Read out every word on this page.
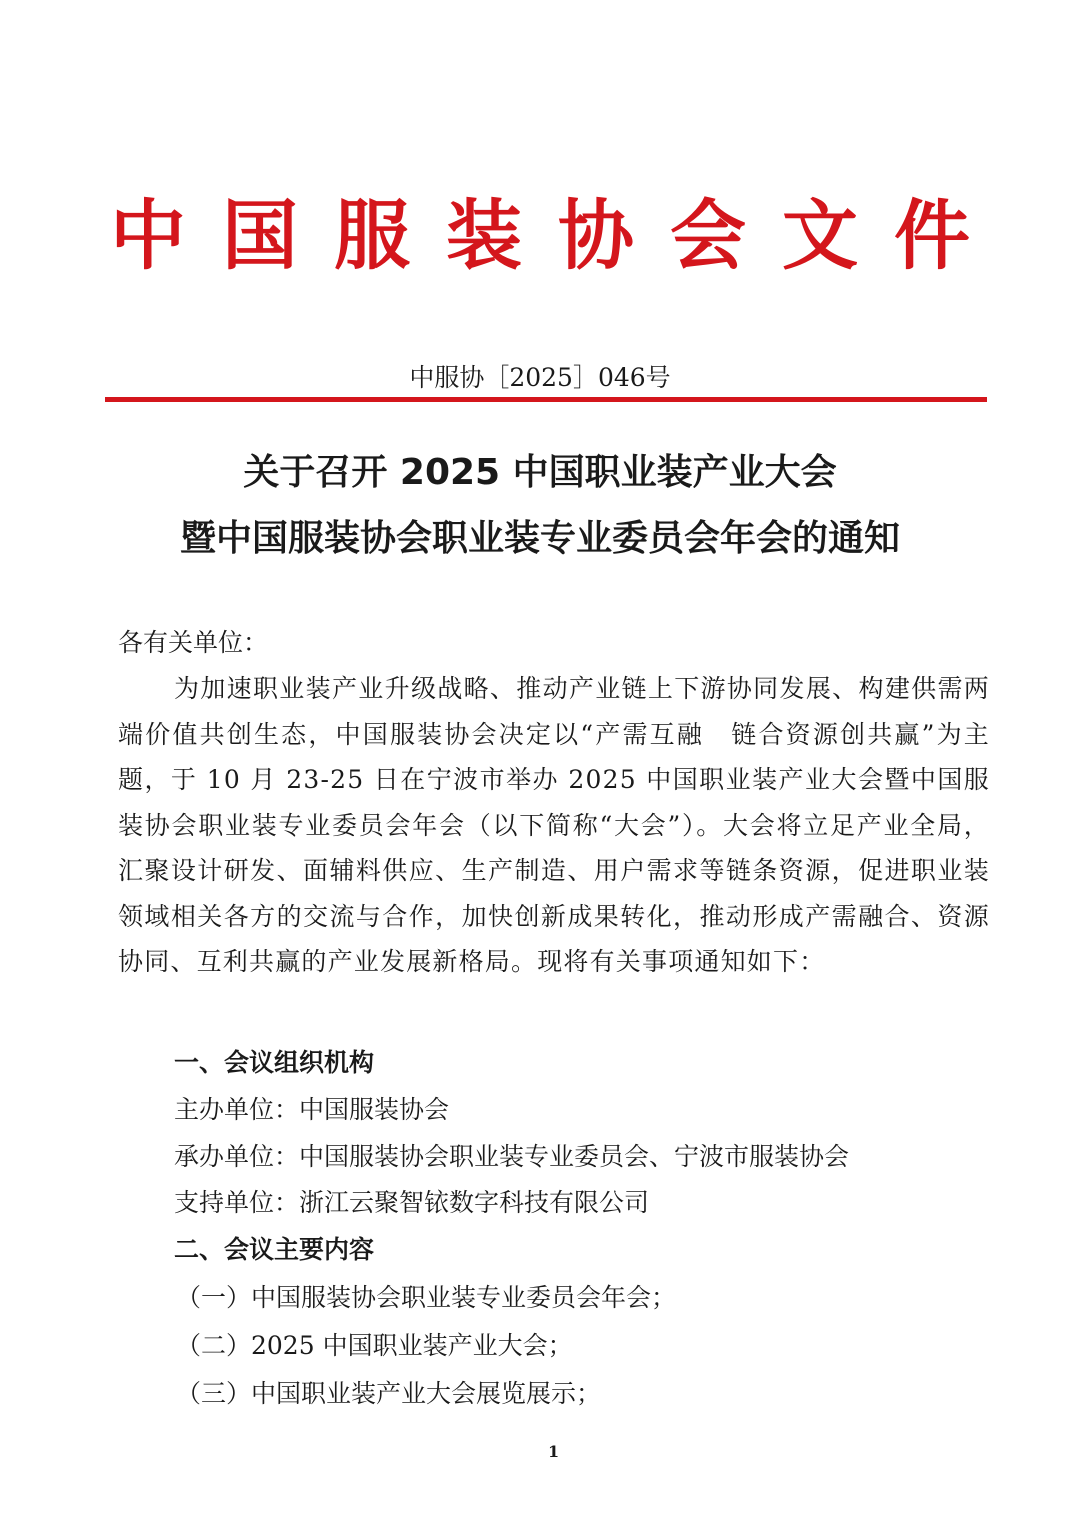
中国服装协会文件
中服协［2025］046号
关于召开 2025 中国职业装产业大会
暨中国服装协会职业装专业委员会年会的通知
各有关单位：
为加速职业装产业升级战略、推动产业链上下游协同发展、构建供需两端价值共创生态，中国服装协会决定以“产需互融　链合资源创共赢”为主题，于 10 月 23-25 日在宁波市举办 2025 中国职业装产业大会暨中国服装协会职业装专业委员会年会（以下简称“大会”）。大会将立足产业全局，汇聚设计研发、面辅料供应、生产制造、用户需求等链条资源，促进职业装领域相关各方的交流与合作，加快创新成果转化，推动形成产需融合、资源协同、互利共赢的产业发展新格局。现将有关事项通知如下：
一、会议组织机构
主办单位：中国服装协会
承办单位：中国服装协会职业装专业委员会、宁波市服装协会
支持单位：浙江云聚智铱数字科技有限公司
二、会议主要内容
（一）中国服装协会职业装专业委员会年会；
（二）2025 中国职业装产业大会；
（三）中国职业装产业大会展览展示；
1
